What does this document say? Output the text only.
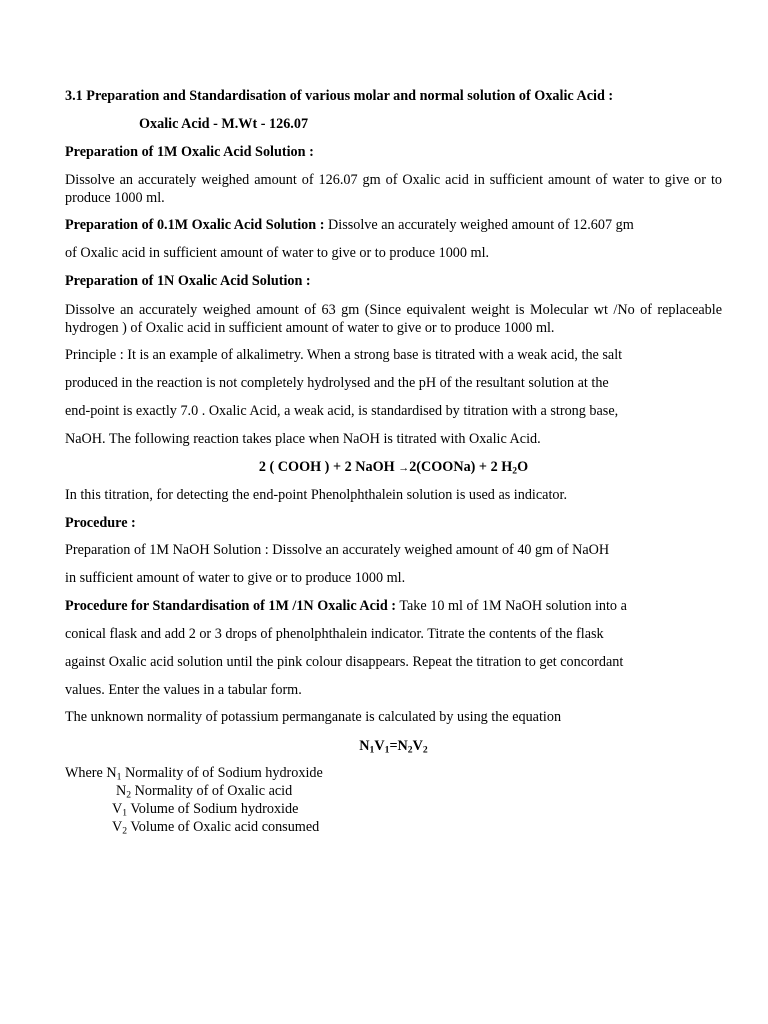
3.1 Preparation and Standardisation of various molar and normal solution of Oxalic Acid :
Oxalic Acid - M.Wt - 126.07
Preparation of 1M Oxalic Acid Solution :
Dissolve an accurately weighed amount of 126.07 gm of Oxalic acid in sufficient amount of water to give or to produce 1000 ml.
Preparation of 0.1M Oxalic Acid Solution : Dissolve an accurately weighed amount of 12.607 gm
of Oxalic acid in sufficient amount of water to give or to produce 1000 ml.
Preparation of 1N Oxalic Acid Solution :
Dissolve an accurately weighed amount of 63 gm (Since equivalent weight is Molecular wt /No of replaceable hydrogen ) of Oxalic acid in sufficient amount of water to give or to produce 1000 ml.
Principle : It is an example of alkalimetry. When a strong base is titrated with a weak acid, the salt
produced in the reaction is not completely hydrolysed and the pH of the resultant solution at the
end-point is exactly 7.0 . Oxalic Acid, a weak acid, is standardised by titration with a strong base,
NaOH. The following reaction takes place when NaOH is titrated with Oxalic Acid.
2 ( COOH ) + 2 NaOH →2(COONa) + 2 $H_2O$
In this titration, for detecting the end-point Phenolphthalein solution is used as indicator.
Procedure :
Preparation of 1M NaOH Solution : Dissolve an accurately weighed amount of 40 gm of NaOH
in sufficient amount of water to give or to produce 1000 ml.
Procedure for Standardisation of 1M /1N Oxalic Acid : Take 10 ml of 1M NaOH solution into a
conical flask and add 2 or 3 drops of phenolphthalein indicator. Titrate the contents of the flask
against Oxalic acid solution until the pink colour disappears. Repeat the titration to get concordant
values. Enter the values in a tabular form.
The unknown normality of potassium permanganate is calculated by using the equation
$N_1V_1=N_2V_2$
Where $N_1$ Normality of of Sodium hydroxide
$N_2$ Normality of of Oxalic acid
$V_1$ Volume of Sodium hydroxide
$V_2$ Volume of Oxalic acid consumed
